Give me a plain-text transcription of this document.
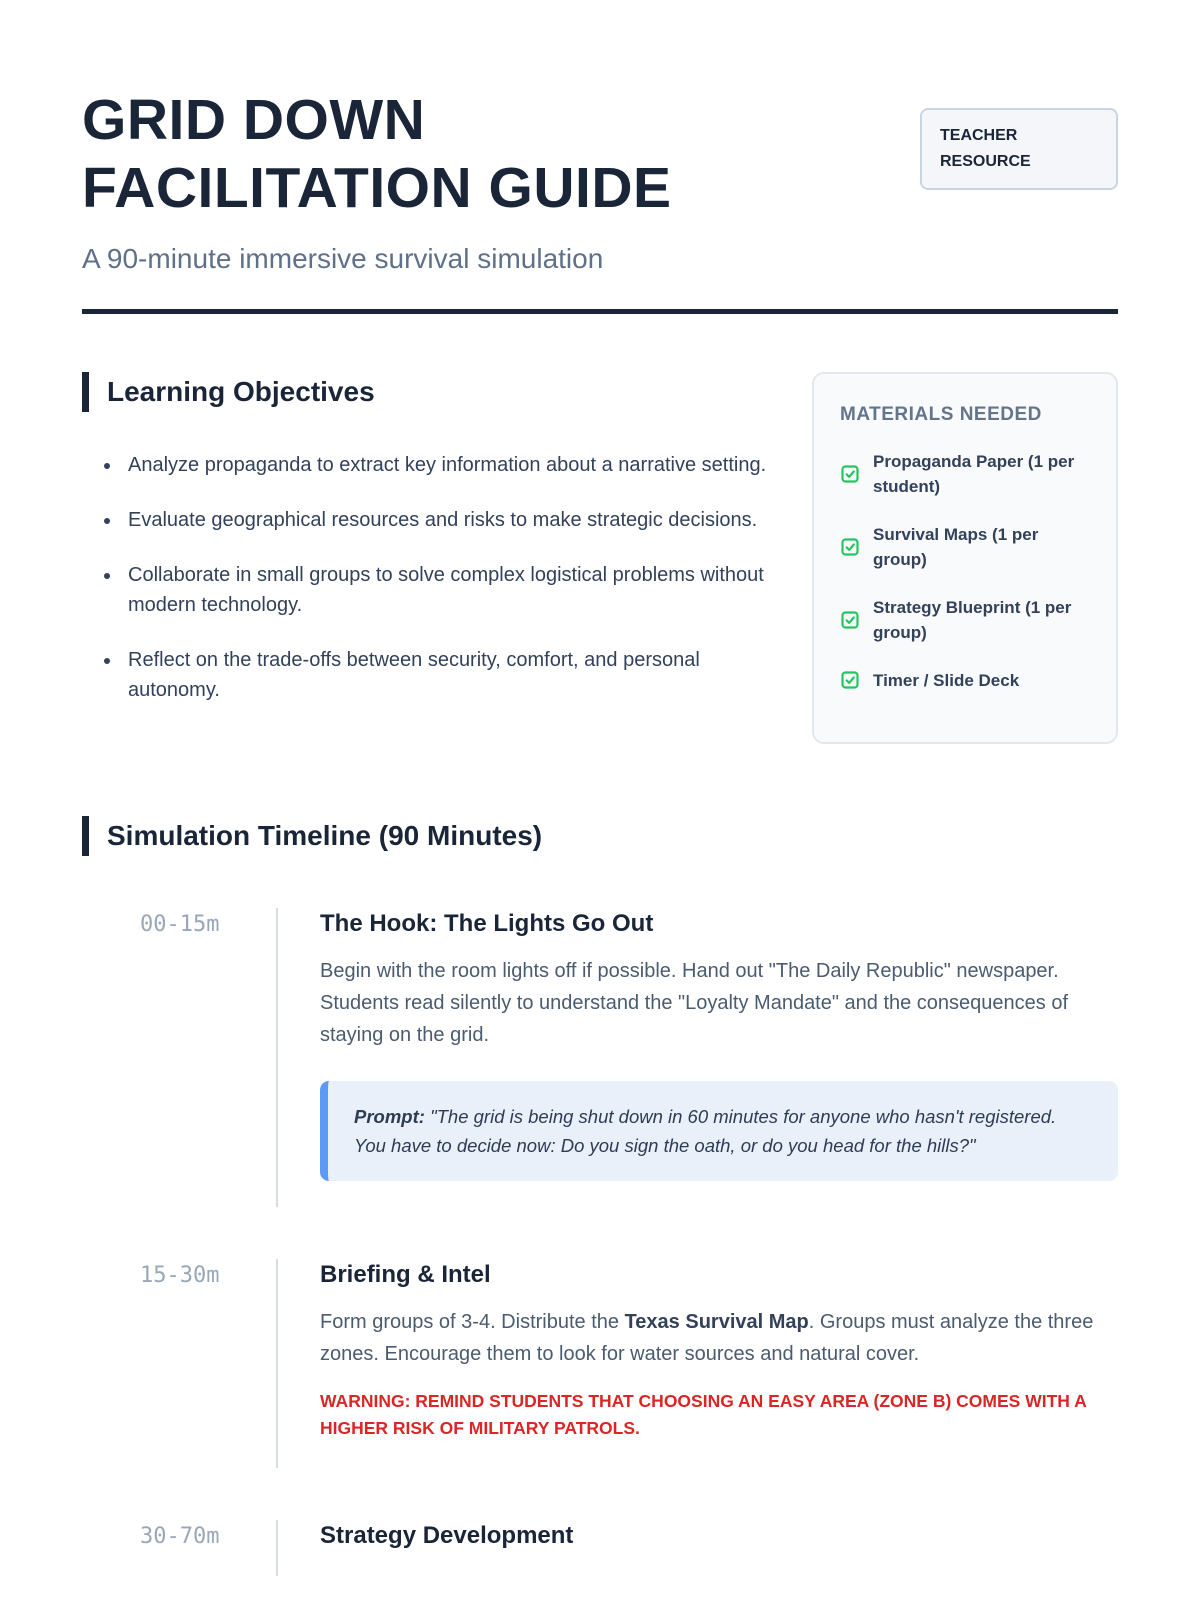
GRID DOWN
FACILITATION GUIDE
TEACHER RESOURCE
A 90-minute immersive survival simulation
Learning Objectives
• Analyze propaganda to extract key information about a narrative setting.
• Evaluate geographical resources and risks to make strategic decisions.
• Collaborate in small groups to solve complex logistical problems without modern technology.
• Reflect on the trade-offs between security, comfort, and personal autonomy.
MATERIALS NEEDED
Propaganda Paper (1 per student)
Survival Maps (1 per group)
Strategy Blueprint (1 per group)
Timer / Slide Deck
Simulation Timeline (90 Minutes)
00-15m	The Hook: The Lights Go Out
Begin with the room lights off if possible. Hand out "The Daily Republic" newspaper. Students read silently to understand the "Loyalty Mandate" and the consequences of staying on the grid.
Prompt: "The grid is being shut down in 60 minutes for anyone who hasn't registered. You have to decide now: Do you sign the oath, or do you head for the hills?"
15-30m	Briefing & Intel
Form groups of 3-4. Distribute the Texas Survival Map. Groups must analyze the three zones. Encourage them to look for water sources and natural cover.
WARNING: REMIND STUDENTS THAT CHOOSING AN EASY AREA (ZONE B) COMES WITH A HIGHER RISK OF MILITARY PATROLS.
30-70m	Strategy Development
